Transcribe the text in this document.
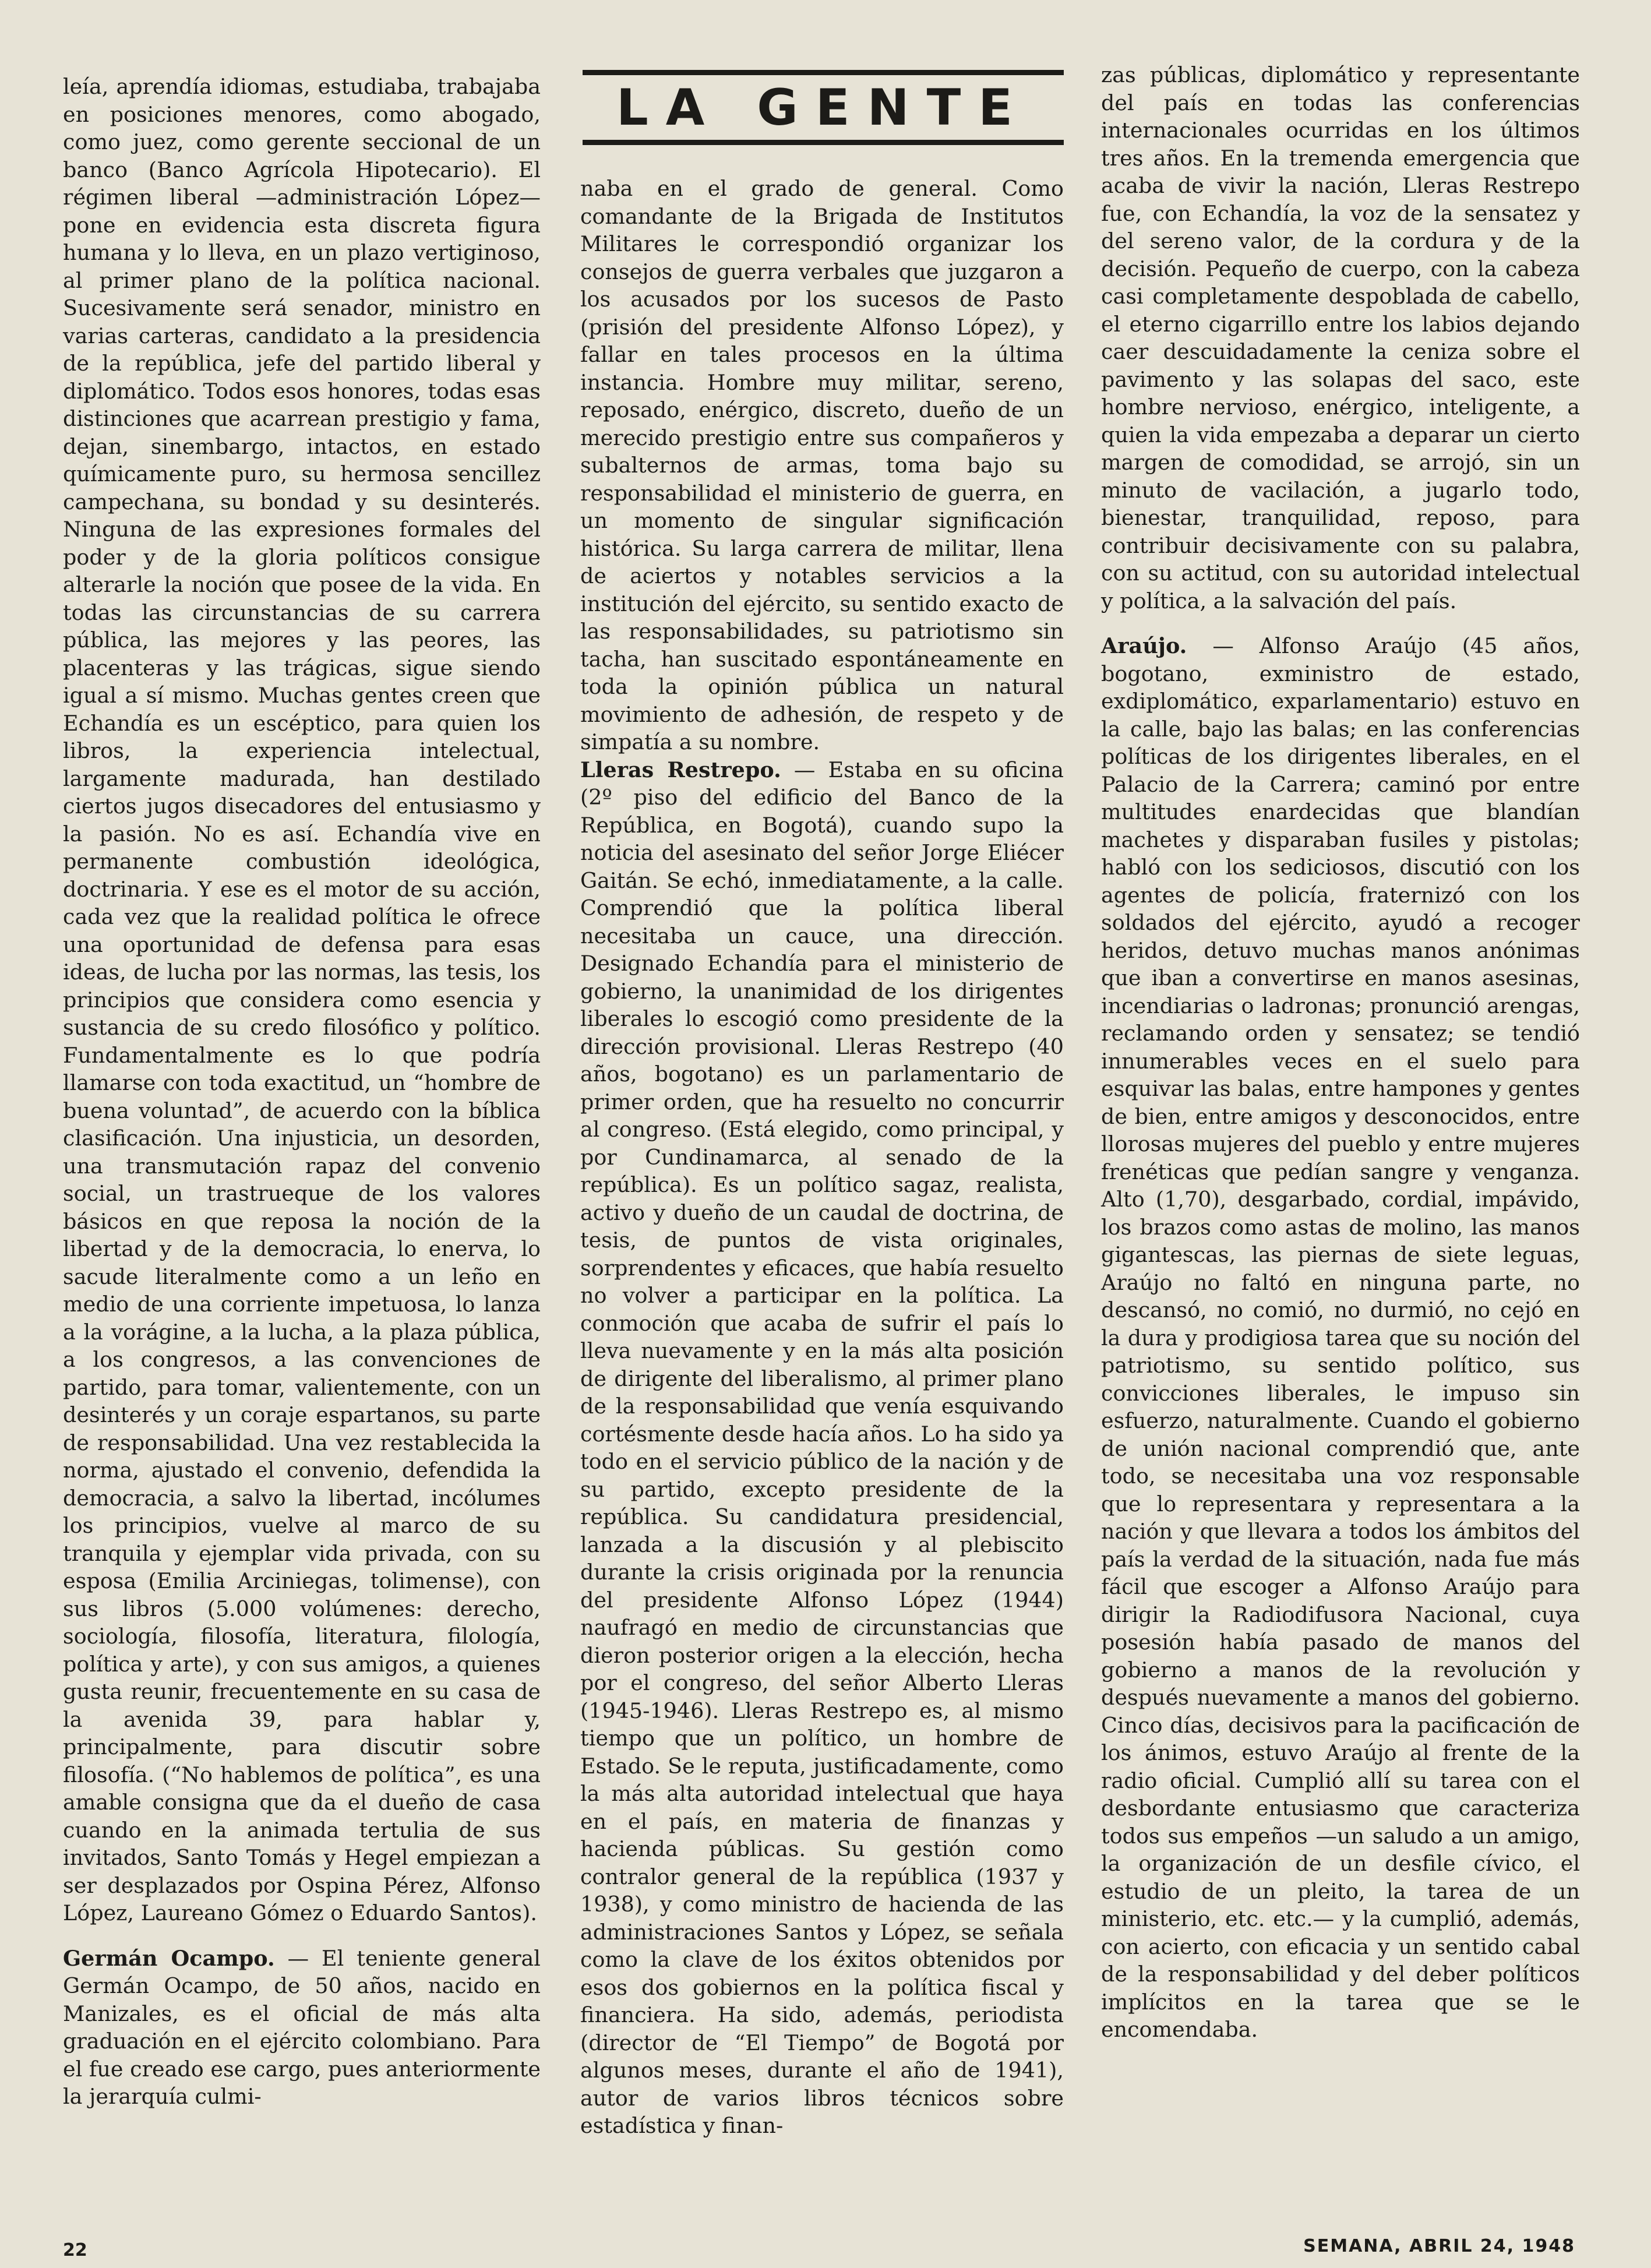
leía, aprendía idiomas, estudiaba, trabajaba en posiciones menores, como abogado, como juez, como gerente seccional de un banco (Banco Agrícola Hipotecario). El régimen liberal —administración López— pone en evidencia esta discreta figura humana y lo lleva, en un plazo vertiginoso, al primer plano de la política nacional. Sucesivamente será senador, ministro en varias carteras, candidato a la presidencia de la república, jefe del partido liberal y diplomático. Todos esos honores, todas esas distinciones que acarrean prestigio y fama, dejan, sinembargo, intactos, en estado químicamente puro, su hermosa sencillez campechana, su bondad y su desinterés. Ninguna de las expresiones formales del poder y de la gloria políticos consigue alterarle la noción que posee de la vida. En todas las circunstancias de su carrera pública, las mejores y las peores, las placenteras y las trágicas, sigue siendo igual a sí mismo. Muchas gentes creen que Echandía es un escéptico, para quien los libros, la experiencia intelectual, largamente madurada, han destilado ciertos jugos disecadores del entusiasmo y la pasión. No es así. Echandía vive en permanente combustión ideológica, doctrinaria. Y ese es el motor de su acción, cada vez que la realidad política le ofrece una oportunidad de defensa para esas ideas, de lucha por las normas, las tesis, los principios que considera como esencia y sustancia de su credo filosófico y político. Fundamentalmente es lo que podría llamarse con toda exactitud, un “hombre de buena voluntad”, de acuerdo con la bíblica clasificación. Una injusticia, un desorden, una transmutación rapaz del convenio social, un trastrueque de los valores básicos en que reposa la noción de la libertad y de la democracia, lo enerva, lo sacude literalmente como a un leño en medio de una corriente impetuosa, lo lanza a la vorágine, a la lucha, a la plaza pública, a los congresos, a las convenciones de partido, para tomar, valientemente, con un desinterés y un coraje espartanos, su parte de responsabilidad. Una vez restablecida la norma, ajustado el convenio, defendida la democracia, a salvo la libertad, incólumes los principios, vuelve al marco de su tranquila y ejemplar vida privada, con su esposa (Emilia Arciniegas, tolimense), con sus libros (5.000 volúmenes: derecho, sociología, filosofía, literatura, filología, política y arte), y con sus amigos, a quienes gusta reunir, frecuentemente en su casa de la avenida 39, para hablar y, principalmente, para discutir sobre filosofía. (“No hablemos de política”, es una amable consigna que da el dueño de casa cuando en la animada tertulia de sus invitados, Santo Tomás y Hegel empiezan a ser desplazados por Ospina Pérez, Alfonso López, Laureano Gómez o Eduardo Santos).

Germán Ocampo. — El teniente general Germán Ocampo, de 50 años, nacido en Manizales, es el oficial de más alta graduación en el ejército colombiano. Para el fue creado ese cargo, pues anteriormente la jerarquía culmi-

LA GENTE

naba en el grado de general. Como comandante de la Brigada de Institutos Militares le correspondió organizar los consejos de guerra verbales que juzgaron a los acusados por los sucesos de Pasto (prisión del presidente Alfonso López), y fallar en tales procesos en la última instancia. Hombre muy militar, sereno, reposado, enérgico, discreto, dueño de un merecido prestigio entre sus compañeros y subalternos de armas, toma bajo su responsabilidad el ministerio de guerra, en un momento de singular significación histórica. Su larga carrera de militar, llena de aciertos y notables servicios a la institución del ejército, su sentido exacto de las responsabilidades, su patriotismo sin tacha, han suscitado espontáneamente en toda la opinión pública un natural movimiento de adhesión, de respeto y de simpatía a su nombre.

Lleras Restrepo. — Estaba en su oficina (2º piso del edificio del Banco de la República, en Bogotá), cuando supo la noticia del asesinato del señor Jorge Eliécer Gaitán. Se echó, inmediatamente, a la calle. Comprendió que la política liberal necesitaba un cauce, una dirección. Designado Echandía para el ministerio de gobierno, la unanimidad de los dirigentes liberales lo escogió como presidente de la dirección provisional. Lleras Restrepo (40 años, bogotano) es un parlamentario de primer orden, que ha resuelto no concurrir al congreso. (Está elegido, como principal, y por Cundinamarca, al senado de la república). Es un político sagaz, realista, activo y dueño de un caudal de doctrina, de tesis, de puntos de vista originales, sorprendentes y eficaces, que había resuelto no volver a participar en la política. La conmoción que acaba de sufrir el país lo lleva nuevamente y en la más alta posición de dirigente del liberalismo, al primer plano de la responsabilidad que venía esquivando cortésmente desde hacía años. Lo ha sido ya todo en el servicio público de la nación y de su partido, excepto presidente de la república. Su candidatura presidencial, lanzada a la discusión y al plebiscito durante la crisis originada por la renuncia del presidente Alfonso López (1944) naufragó en medio de circunstancias que dieron posterior origen a la elección, hecha por el congreso, del señor Alberto Lleras (1945-1946). Lleras Restrepo es, al mismo tiempo que un político, un hombre de Estado. Se le reputa, justificadamente, como la más alta autoridad intelectual que haya en el país, en materia de finanzas y hacienda públicas. Su gestión como contralor general de la república (1937 y 1938), y como ministro de hacienda de las administraciones Santos y López, se señala como la clave de los éxitos obtenidos por esos dos gobiernos en la política fiscal y financiera. Ha sido, además, periodista (director de “El Tiempo” de Bogotá por algunos meses, durante el año de 1941), autor de varios libros técnicos sobre estadística y finan-

zas públicas, diplomático y representante del país en todas las conferencias internacionales ocurridas en los últimos tres años. En la tremenda emergencia que acaba de vivir la nación, Lleras Restrepo fue, con Echandía, la voz de la sensatez y del sereno valor, de la cordura y de la decisión. Pequeño de cuerpo, con la cabeza casi completamente despoblada de cabello, el eterno cigarrillo entre los labios dejando caer descuidadamente la ceniza sobre el pavimento y las solapas del saco, este hombre nervioso, enérgico, inteligente, a quien la vida empezaba a deparar un cierto margen de comodidad, se arrojó, sin un minuto de vacilación, a jugarlo todo, bienestar, tranquilidad, reposo, para contribuir decisivamente con su palabra, con su actitud, con su autoridad intelectual y política, a la salvación del país.

Araújo. — Alfonso Araújo (45 años, bogotano, exministro de estado, exdiplomático, exparlamentario) estuvo en la calle, bajo las balas; en las conferencias políticas de los dirigentes liberales, en el Palacio de la Carrera; caminó por entre multitudes enardecidas que blandían machetes y disparaban fusiles y pistolas; habló con los sediciosos, discutió con los agentes de policía, fraternizó con los soldados del ejército, ayudó a recoger heridos, detuvo muchas manos anónimas que iban a convertirse en manos asesinas, incendiarias o ladronas; pronunció arengas, reclamando orden y sensatez; se tendió innumerables veces en el suelo para esquivar las balas, entre hampones y gentes de bien, entre amigos y desconocidos, entre llorosas mujeres del pueblo y entre mujeres frenéticas que pedían sangre y venganza. Alto (1,70), desgarbado, cordial, impávido, los brazos como astas de molino, las manos gigantescas, las piernas de siete leguas, Araújo no faltó en ninguna parte, no descansó, no comió, no durmió, no cejó en la dura y prodigiosa tarea que su noción del patriotismo, su sentido político, sus convicciones liberales, le impuso sin esfuerzo, naturalmente. Cuando el gobierno de unión nacional comprendió que, ante todo, se necesitaba una voz responsable que lo representara y representara a la nación y que llevara a todos los ámbitos del país la verdad de la situación, nada fue más fácil que escoger a Alfonso Araújo para dirigir la Radiodifusora Nacional, cuya posesión había pasado de manos del gobierno a manos de la revolución y después nuevamente a manos del gobierno. Cinco días, decisivos para la pacificación de los ánimos, estuvo Araújo al frente de la radio oficial. Cumplió allí su tarea con el desbordante entusiasmo que caracteriza todos sus empeños —un saludo a un amigo, la organización de un desfile cívico, el estudio de un pleito, la tarea de un ministerio, etc. etc.— y la cumplió, además, con acierto, con eficacia y un sentido cabal de la responsabilidad y del deber políticos implícitos en la tarea que se le encomendaba.

22	SEMANA, ABRIL 24, 1948
